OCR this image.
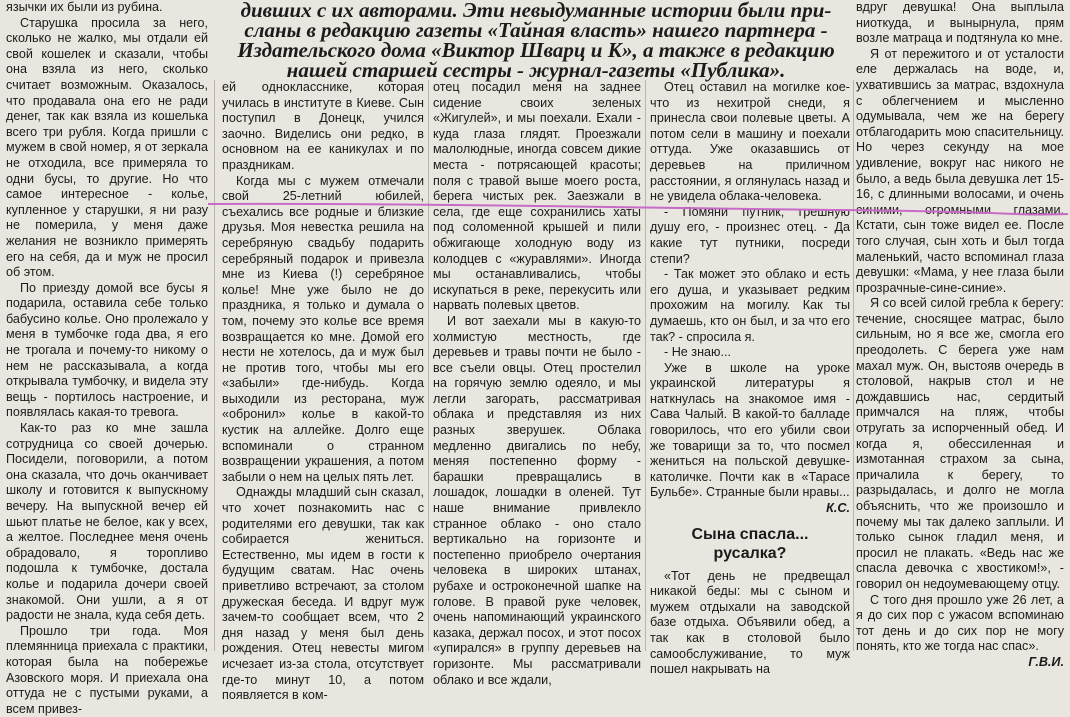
дивших с их авторами. Эти невыдуманные истории были при-
сланы в редакцию газеты «Тайная власть» нашего партнера -
Издательского дома «Виктор Шварц и К», а также в редакцию
нашей старшей сестры - журнал-газеты «Публика».

язычки их были из рубина.

Старушка просила за него, сколько не жалко, мы отдали ей свой кошелек и сказали, чтобы она взяла из него, сколько считает возможным. Оказалось, что продавала она его не ради денег, так как взяла из кошелька всего три рубля. Когда пришли с мужем в свой номер, я от зеркала не отходила, все примеряла то одни бусы, то другие. Но что самое интересное - колье, купленное у старушки, я ни разу не померила, у меня даже желания не возникло примерять его на себя, да и муж не просил об этом.

По приезду домой все бусы я подарила, оставила себе только бабусино колье. Оно пролежало у меня в тумбочке года два, я его не трогала и почему-то никому о нем не рассказывала, а когда открывала тумбочку, и видела эту вещь - портилось настроение, и появлялась какая-то тревога.

Как-то раз ко мне зашла сотрудница со своей дочерью. Посидели, поговорили, а потом она сказала, что дочь оканчивает школу и готовится к выпускному вечеру. На выпускной вечер ей шьют платье не белое, как у всех, а желтое. Последнее меня очень обрадовало, я торопливо подошла к тумбочке, достала колье и подарила дочери своей знакомой. Они ушли, а я от радости не знала, куда себя деть.

Прошло три года. Моя племянница приехала с практики, которая была на побережье Азовского моря. И приехала она оттуда не с пустыми руками, а всем привез-

ей одноклассникe, которая училась в институте в Киеве. Сын поступил в Донецк, учился заочно. Виделись они редко, в основном на ее каникулах и по праздникам.

Когда мы с мужем отмечали свой 25-летний юбилей, съехались все родные и близкие друзья. Моя невестка решила на серебряную свадьбу подарить серебряный подарок и привезла мне из Киева (!) серебряное колье! Мне уже было не до праздника, я только и думала о том, почему это колье все время возвращается ко мне. Домой его нести не хотелось, да и муж был не против того, чтобы мы его «забыли» где-нибудь. Когда выходили из ресторана, муж «обронил» колье в какой-то кустик на аллейке. Долго еще вспоминали о странном возвращении украшения, а потом забыли о нем на целых пять лет.

Однажды младший сын сказал, что хочет познакомить нас с родителями его девушки, так как собирается жениться. Естественно, мы идем в гости к будущим сватам. Нас очень приветливо встречают, за столом дружеская беседа. И вдруг муж зачем-то сообщает всем, что 2 дня назад у меня был день рождения. Отец невесты мигом исчезает из-за стола, отсутствует где-то минут 10, а потом появляется в ком-

отец посадил меня на заднее сидение своих зеленых «Жигулей», и мы поехали. Ехали - куда глаза глядят. Проезжали малолюдные, иногда совсем дикие места - потрясающей красоты; поля с травой выше моего роста, берега чистых рек. Заезжали в села, где еще сохранились хаты под соломенной крышей и пили обжигающе холодную воду из колодцев с «журавлями». Иногда мы останавливались, чтобы искупаться в реке, перекусить или нарвать полевых цветов.

И вот заехали мы в какую-то холмистую местность, где деревьев и травы почти не было - все съели овцы. Отец простелил на горячую землю одеяло, и мы легли загорать, рассматривая облака и представляя из них разных зверушек. Облака медленно двигались по небу, меняя постепенно форму - барашки превращались в лошадок, лошадки в оленей. Тут наше внимание привлекло странное облако - оно стало вертикально на горизонте и постепенно приобрело очертания человека в широких штанах, рубахе и остроконечной шапке на голове. В правой руке человек, очень напоминающий украинского казака, держал посох, и этот посох «упирался» в группу деревьев на горизонте. Мы рассматривали облако и все ждали,

Отец оставил на могилке кое-что из нехитрой снеди, я принесла свои полевые цветы. А потом сели в машину и поехали оттуда. Уже оказавшись от деревьев на приличном расстоянии, я оглянулась назад и не увидела облака-человека.

- Помяни путник, грешную душу его, - произнес отец. - Да какие тут путники, посреди степи?

- Так может это облако и есть его душа, и указывает редким прохожим на могилу. Как ты думаешь, кто он был, и за что его так? - спросила я.

- Не знаю...

Уже в школе на уроке украинской литературы я наткнулась на знакомое имя - Сава Чалый. В какой-то балладе говорилось, что его убили свои же товарищи за то, что посмел жениться на польской девушке-католичке. Почти как в «Тарасе Бульбе». Странные были нравы...

К.С.

Сына спасла...
русалка?

«Тот день не предвещал никакой беды: мы с сыном и мужем отдыхали на заводской базе отдыха. Объявили обед, а так как в столовой было самообслуживание, то муж пошел накрывать на

вдруг девушка! Она выплыла ниоткуда, и вынырнула, прям возле матраца и подтянула ко мне.

Я от пережитого и от усталости еле держалась на воде, и, ухватившись за матрас, вздохнула с облегчением и мысленно одумывала, чем же на берегу отблагодарить мою спасительницу. Но через секунду на мое удивление, вокруг нас никого не было, а ведь была девушка лет 15-16, с длинными волосами, и очень синими, огромными глазами. Кстати, сын тоже видел ее. После того случая, сын хоть и был тогда маленький, часто вспоминал глаза девушки: «Мама, у нее глаза были прозрачные-сине-синие».

Я со всей силой гребла к берегу: течение, сносящее матрас, было сильным, но я все же, смогла его преодолеть. С берега уже нам махал муж. Он, выстояв очередь в столовой, накрыв стол и не дождавшись нас, сердитый примчался на пляж, чтобы отругать за испорченный обед. И когда я, обессиленная и измотанная страхом за сына, причалила к берегу, то разрыдалась, и долго не могла объяснить, что же произошло и почему мы так далеко заплыли. И только сынок гладил меня, и просил не плакать. «Ведь нас же спасла девочка с хвостиком!», - говорил он недоумевающему отцу.

С того дня прошло уже 26 лет, а я до сих пор с ужасом вспоминаю тот день и до сих пор не могу понять, кто же тогда нас спас».

Г.В.И.
